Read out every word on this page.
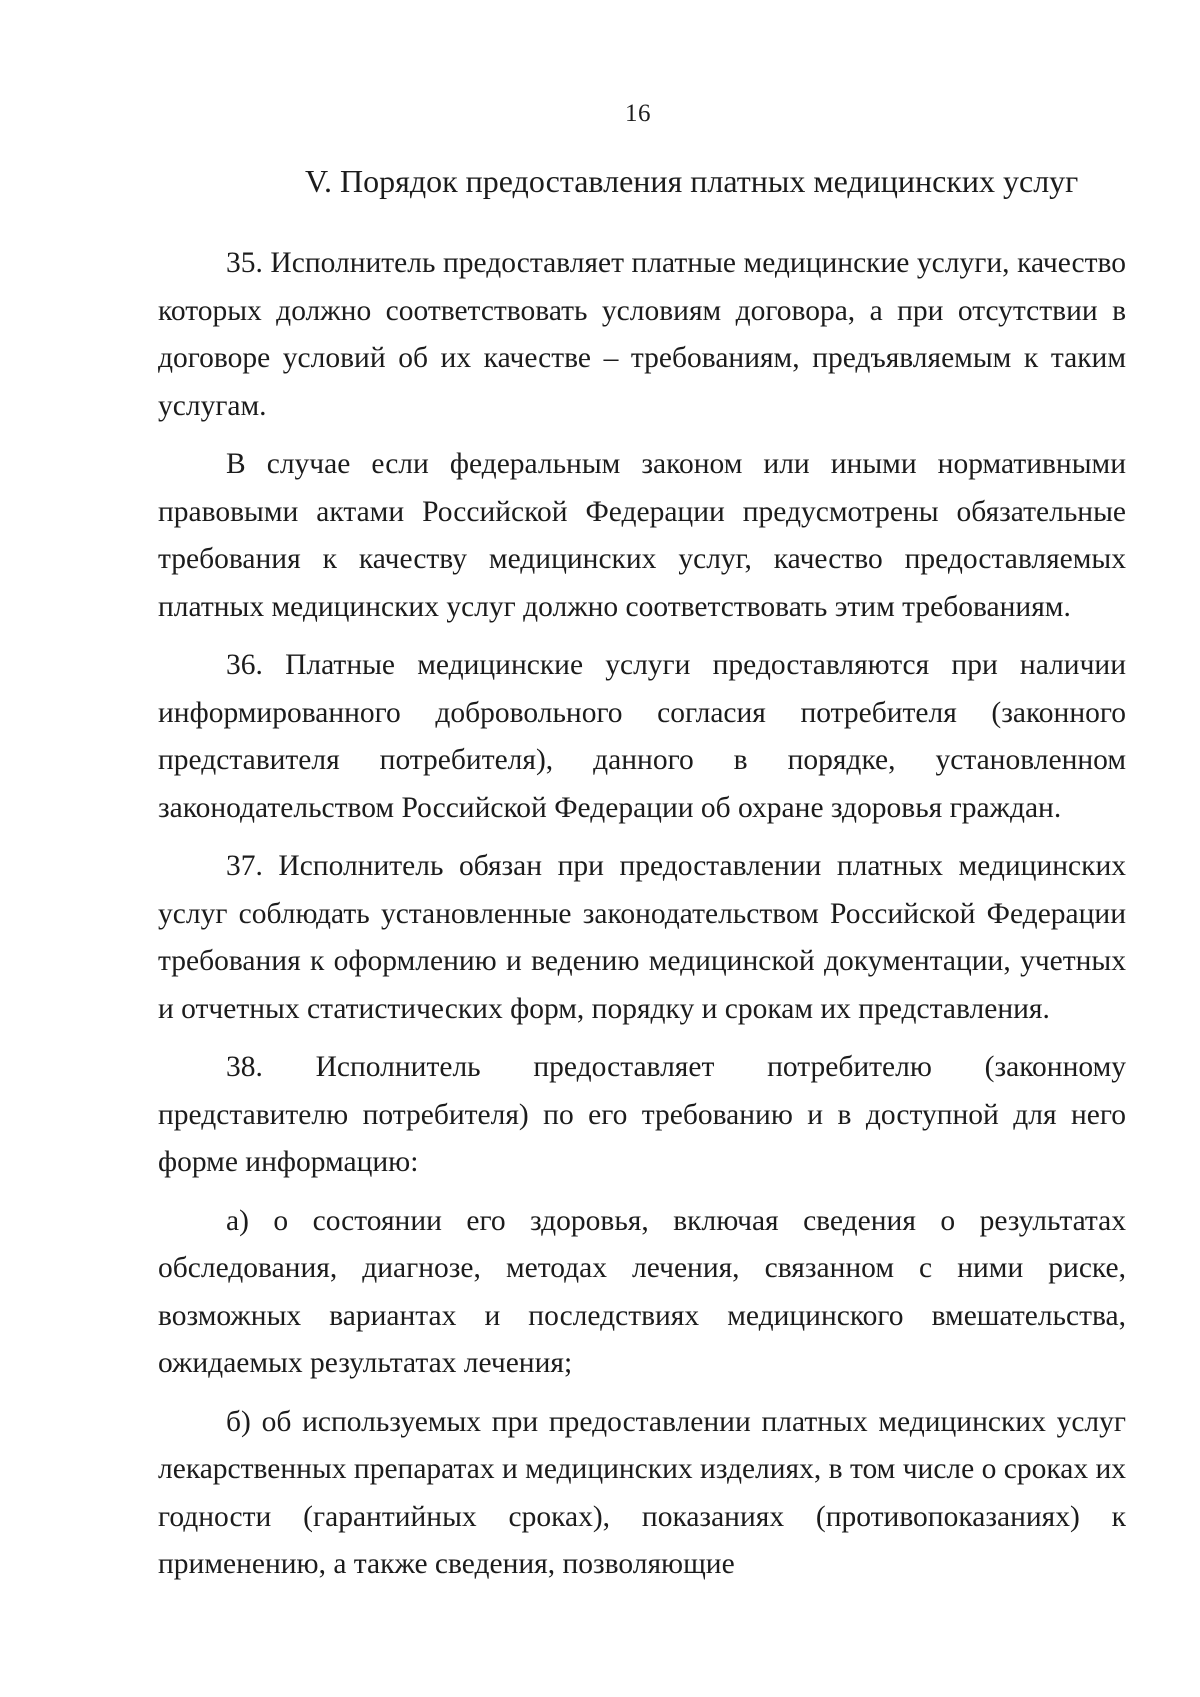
16
V. Порядок предоставления платных медицинских услуг

35. Исполнитель предоставляет платные медицинские услуги, качество которых должно соответствовать условиям договора, а при отсутствии в договоре условий об их качестве – требованиям, предъявляемым к таким услугам.

В случае если федеральным законом или иными нормативными правовыми актами Российской Федерации предусмотрены обязательные требования к качеству медицинских услуг, качество предоставляемых платных медицинских услуг должно соответствовать этим требованиям.

36. Платные медицинские услуги предоставляются при наличии информированного добровольного согласия потребителя (законного представителя потребителя), данного в порядке, установленном законодательством Российской Федерации об охране здоровья граждан.

37. Исполнитель обязан при предоставлении платных медицинских услуг соблюдать установленные законодательством Российской Федерации требования к оформлению и ведению медицинской документации, учетных и отчетных статистических форм, порядку и срокам их представления.

38. Исполнитель предоставляет потребителю (законному представителю потребителя) по его требованию и в доступной для него форме информацию:

а) о состоянии его здоровья, включая сведения о результатах обследования, диагнозе, методах лечения, связанном с ними риске, возможных вариантах и последствиях медицинского вмешательства, ожидаемых результатах лечения;

б) об используемых при предоставлении платных медицинских услуг лекарственных препаратах и медицинских изделиях, в том числе о сроках их годности (гарантийных сроках), показаниях (противопоказаниях) к применению, а также сведения, позволяющие
